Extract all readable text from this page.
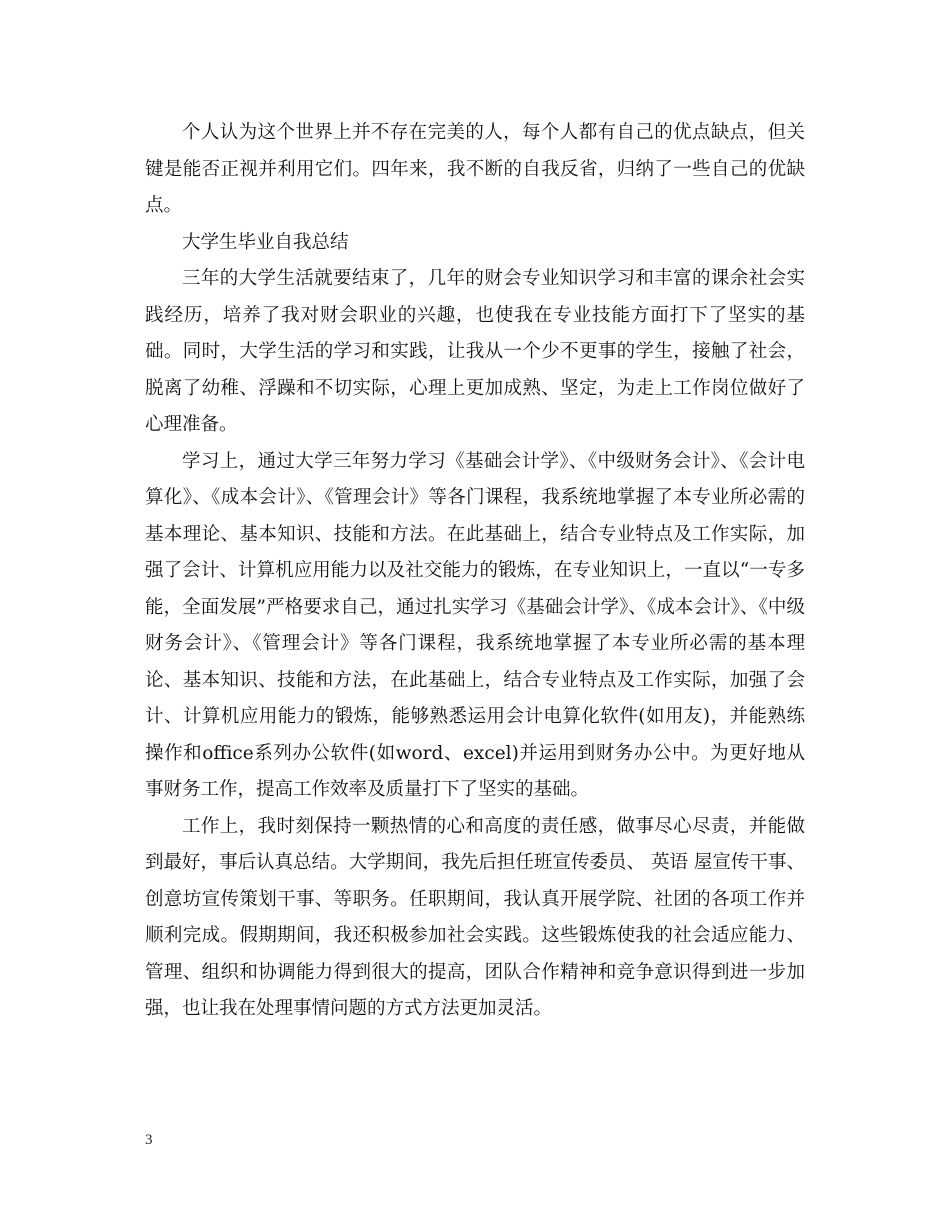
个人认为这个世界上并不存在完美的人，每个人都有自己的优点缺点，但关键是能否正视并利用它们。四年来，我不断的自我反省，归纳了一些自己的优缺点。

大学生毕业自我总结

三年的大学生活就要结束了，几年的财会专业知识学习和丰富的课余社会实践经历，培养了我对财会职业的兴趣，也使我在专业技能方面打下了坚实的基础。同时，大学生活的学习和实践，让我从一个少不更事的学生，接触了社会，脱离了幼稚、浮躁和不切实际，心理上更加成熟、坚定，为走上工作岗位做好了心理准备。

学习上，通过大学三年努力学习《基础会计学》、《中级财务会计》、《会计电算化》、《成本会计》、《管理会计》等各门课程，我系统地掌握了本专业所必需的基本理论、基本知识、技能和方法。在此基础上，结合专业特点及工作实际，加强了会计、计算机应用能力以及社交能力的锻炼，在专业知识上，一直以“一专多能，全面发展”严格要求自己，通过扎实学习《基础会计学》、《成本会计》、《中级财务会计》、《管理会计》等各门课程，我系统地掌握了本专业所必需的基本理论、基本知识、技能和方法，在此基础上，结合专业特点及工作实际，加强了会计、计算机应用能力的锻炼，能够熟悉运用会计电算化软件(如用友)，并能熟练操作和office系列办公软件(如word、excel)并运用到财务办公中。为更好地从事财务工作，提高工作效率及质量打下了坚实的基础。

工作上，我时刻保持一颗热情的心和高度的责任感，做事尽心尽责，并能做到最好，事后认真总结。大学期间，我先后担任班宣传委员、 英语 屋宣传干事、创意坊宣传策划干事、等职务。任职期间，我认真开展学院、社团的各项工作并顺利完成。假期期间，我还积极参加社会实践。这些锻炼使我的社会适应能力、管理、组织和协调能力得到很大的提高，团队合作精神和竞争意识得到进一步加强，也让我在处理事情问题的方式方法更加灵活。

3
